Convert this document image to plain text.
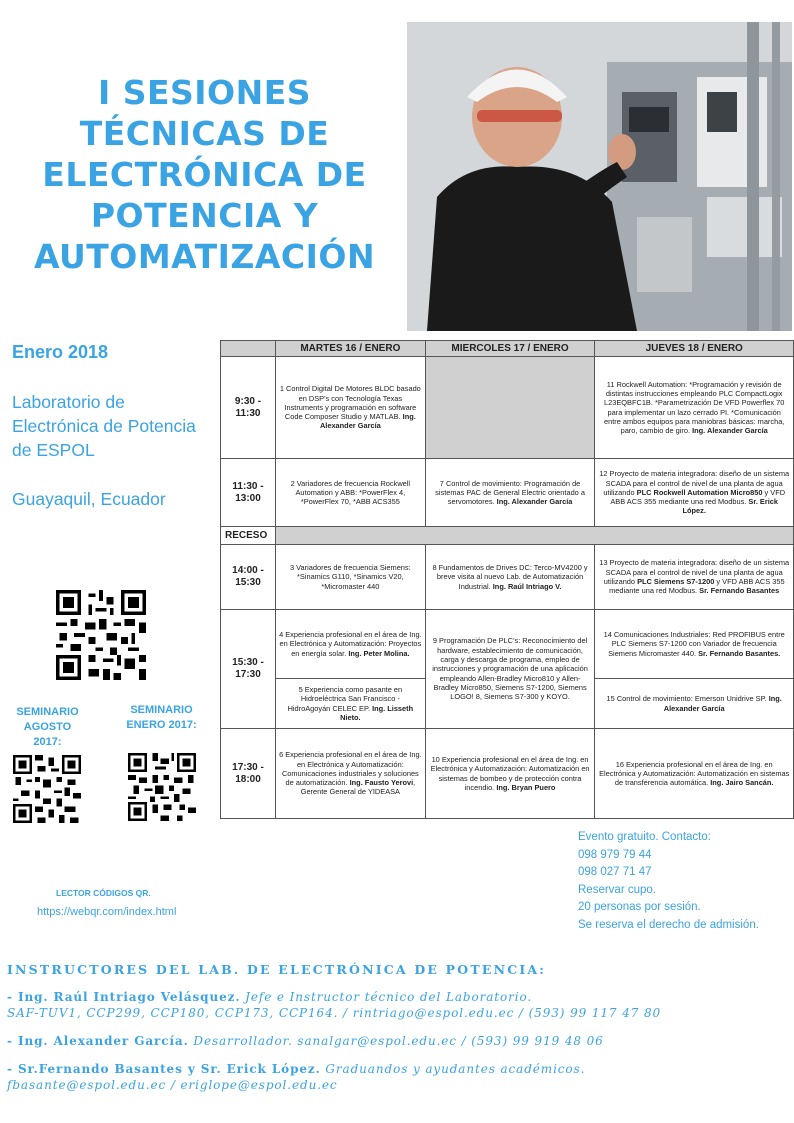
I SESIONES
TÉCNICAS DE
ELECTRÓNICA DE
POTENCIA Y
AUTOMATIZACIÓN
Enero 2018
Laboratorio de Electrónica de Potencia de ESPOL
Guayaquil, Ecuador
SEMINARIO AGOSTO 2017:
SEMINARIO ENERO 2017:
LECTOR CÓDIGOS QR.
https://webqr.com/index.html
	MARTES 16 / ENERO	MIERCOLES 17 / ENERO	JUEVES 18 / ENERO
9:30 - 11:30	1 Control Digital De Motores BLDC basado en DSP’s con Tecnología Texas Instruments y programación en software Code Composer Studio y MATLAB. Ing. Alexander García		11 Rockwell Automation: *Programación y revisión de distintas instrucciones empleando PLC CompactLogix L23EQBFC1B. *Parametrización De VFD Powerflex 70 para implementar un lazo cerrado PI. *Comunicación entre ambos equipos para maniobras básicas: marcha, paro, cambio de giro. Ing. Alexander García
11:30 - 13:00	2 Variadores de frecuencia Rockwell Automation y ABB: *PowerFlex 4, *PowerFlex 70, *ABB ACS355	7 Control de movimiento: Programación de sistemas PAC de General Electric orientado a servomotores. Ing. Alexander García	12 Proyecto de materia integradora: diseño de un sistema SCADA para el control de nivel de una planta de agua utilizando PLC Rockwell Automation Micro850 y VFD ABB ACS 355 mediante una red Modbus. Sr. Erick López.
RECESO			
14:00 - 15:30	3 Variadores de frecuencia Siemens: *Sinamics G110, *Sinamics V20, *Micromaster 440	8 Fundamentos de Drives DC: Terco-MV4200 y breve visita al nuevo Lab. de Automatización Industrial. Ing. Raúl Intriago V.	13 Proyecto de materia integradora: diseño de un sistema SCADA para el control de nivel de una planta de agua utilizando PLC Siemens S7-1200 y VFD ABB ACS 355 mediante una red Modbus. Sr. Fernando Basantes
15:30 - 17:30	4 Experiencia profesional en el área de Ing. en Electrónica y Automatización: Proyectos en energía solar. Ing. Peter Molina.	9 Programación De PLC’s: Reconocimiento del hardware, establecimiento de comunicación, carga y descarga de programa, empleo de instrucciones y programación de una aplicación empleando Allen-Bradley Micro810 y Allen-Bradley Micro850, Siemens S7-1200, Siemens LOGO! 8, Siemens S7-300 y KOYO.	14 Comunicaciones Industriales: Red PROFIBUS entre PLC Siemens S7-1200 con Variador de frecuencia Siemens Micromaster 440. Sr. Fernando Basantes.
	5 Experiencia como pasante en Hidroeléctrica San Francisco - HidroAgoyán CELEC EP. Ing. Lisseth Nieto.		15 Control de movimiento: Emerson Unidrive SP. Ing. Alexander García
17:30 - 18:00	6 Experiencia profesional en el área de Ing. en Electrónica y Automatización: Comunicaciones industriales y soluciones de automatización. Ing. Fausto Yerovi, Gerente General de YIDEASA	10 Experiencia profesional en el área de Ing. en Electrónica y Automatización: Automatización en sistemas de bombeo y de protección contra incendio. Ing. Bryan Puero	16 Experiencia profesional en el área de Ing. en Electrónica y Automatización: Automatización en sistemas de transferencia automática. Ing. Jairo Sancán.
Evento gratuito. Contacto:
098 979 79 44
098 027 71 47
Reservar cupo.
20 personas por sesión.
Se reserva el derecho de admisión.
INSTRUCTORES DEL LAB. DE ELECTRÓNICA DE POTENCIA:
- Ing. Raúl Intriago Velásquez. Jefe e Instructor técnico del Laboratorio.
SAF-TUV1, CCP299, CCP180, CCP173, CCP164. / rintriago@espol.edu.ec / (593) 99 117 47 80
- Ing. Alexander García. Desarrollador. sanalgar@espol.edu.ec / (593) 99 919 48 06
- Sr.Fernando Basantes y Sr. Erick López. Graduandos y ayudantes académicos.
fbasante@espol.edu.ec / eriglope@espol.edu.ec
